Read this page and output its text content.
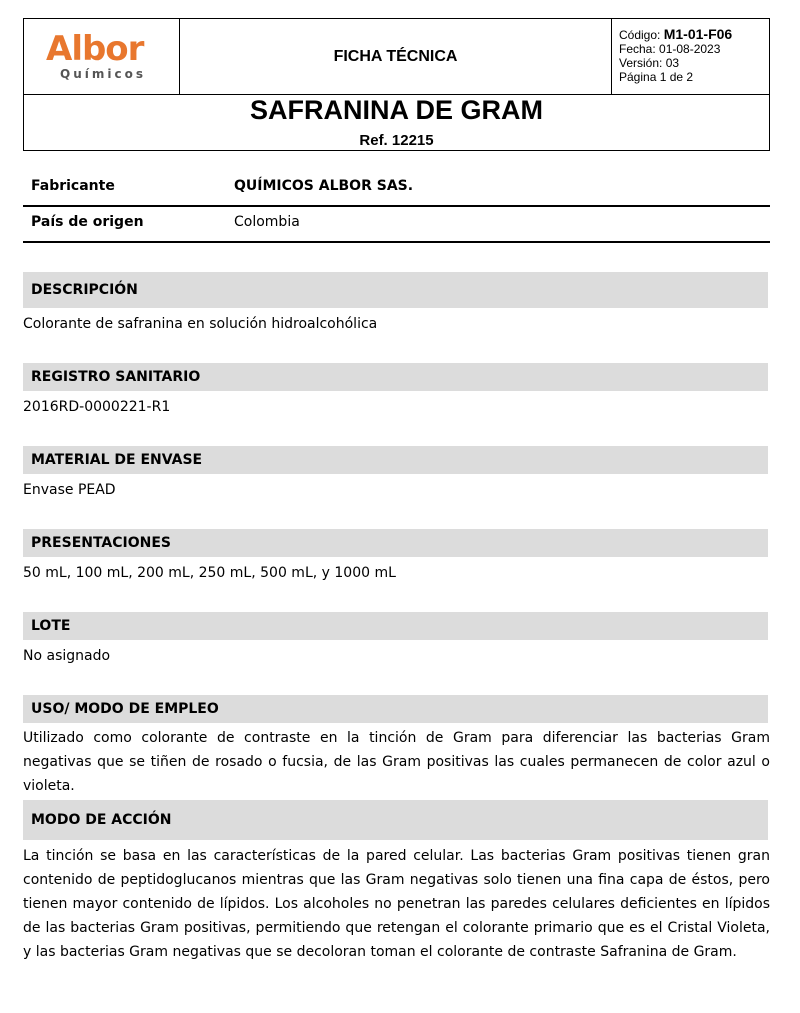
Albor
Químicos
FICHA TÉCNICA
Código: M1-01-F06
Fecha: 01-08-2023
Versión: 03
Página 1 de 2
SAFRANINA DE GRAM
Ref. 12215
Fabricante	QUÍMICOS ALBOR SAS.
País de origen	Colombia
DESCRIPCIÓN
Colorante de safranina en solución hidroalcohólica
REGISTRO SANITARIO
2016RD-0000221-R1
MATERIAL DE ENVASE
Envase PEAD
PRESENTACIONES
50 mL, 100 mL, 200 mL, 250 mL, 500 mL, y 1000 mL
LOTE
No asignado
USO/ MODO DE EMPLEO
Utilizado como colorante de contraste en la tinción de Gram para diferenciar las bacterias Gram negativas que se tiñen de rosado o fucsia, de las Gram positivas las cuales permanecen de color azul o violeta.
MODO DE ACCIÓN
La tinción se basa en las características de la pared celular. Las bacterias Gram positivas tienen gran contenido de peptidoglucanos mientras que las Gram negativas solo tienen una fina capa de éstos, pero tienen mayor contenido de lípidos. Los alcoholes no penetran las paredes celulares deficientes en lípidos de las bacterias Gram positivas, permitiendo que retengan el colorante primario que es el Cristal Violeta, y las bacterias Gram negativas que se decoloran toman el colorante de contraste Safranina de Gram.
